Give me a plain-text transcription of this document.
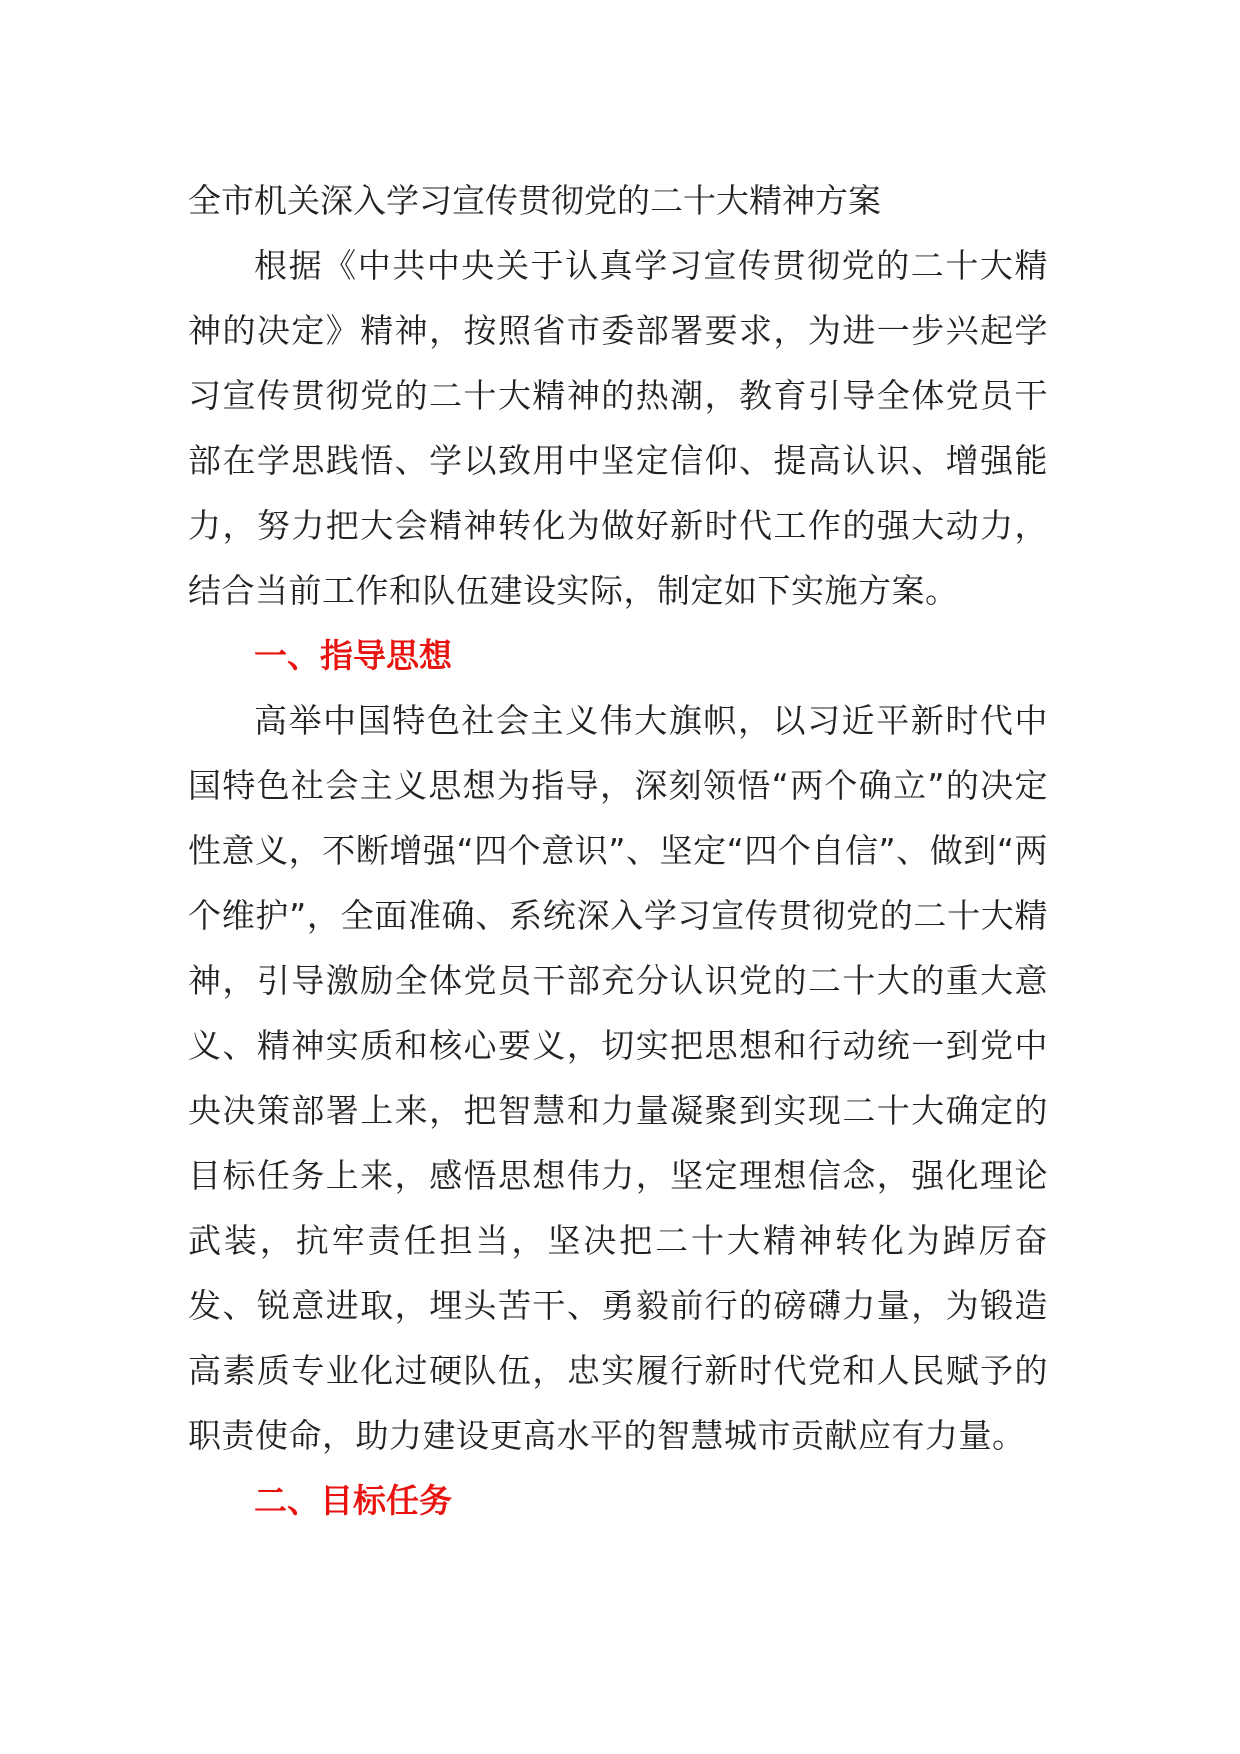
全市机关深入学习宣传贯彻党的二十大精神方案

根据《中共中央关于认真学习宣传贯彻党的二十大精神的决定》精神，按照省市委部署要求，为进一步兴起学习宣传贯彻党的二十大精神的热潮，教育引导全体党员干部在学思践悟、学以致用中坚定信仰、提高认识、增强能力，努力把大会精神转化为做好新时代工作的强大动力，结合当前工作和队伍建设实际，制定如下实施方案。

一、指导思想

高举中国特色社会主义伟大旗帜，以习近平新时代中国特色社会主义思想为指导，深刻领悟“两个确立”的决定性意义，不断增强“四个意识”、坚定“四个自信”、做到“两个维护”，全面准确、系统深入学习宣传贯彻党的二十大精神，引导激励全体党员干部充分认识党的二十大的重大意义、精神实质和核心要义，切实把思想和行动统一到党中央决策部署上来，把智慧和力量凝聚到实现二十大确定的目标任务上来，感悟思想伟力，坚定理想信念，强化理论武装，抗牢责任担当，坚决把二十大精神转化为踔厉奋发、锐意进取，埋头苦干、勇毅前行的磅礴力量，为锻造高素质专业化过硬队伍，忠实履行新时代党和人民赋予的职责使命，助力建设更高水平的智慧城市贡献应有力量。

二、目标任务
